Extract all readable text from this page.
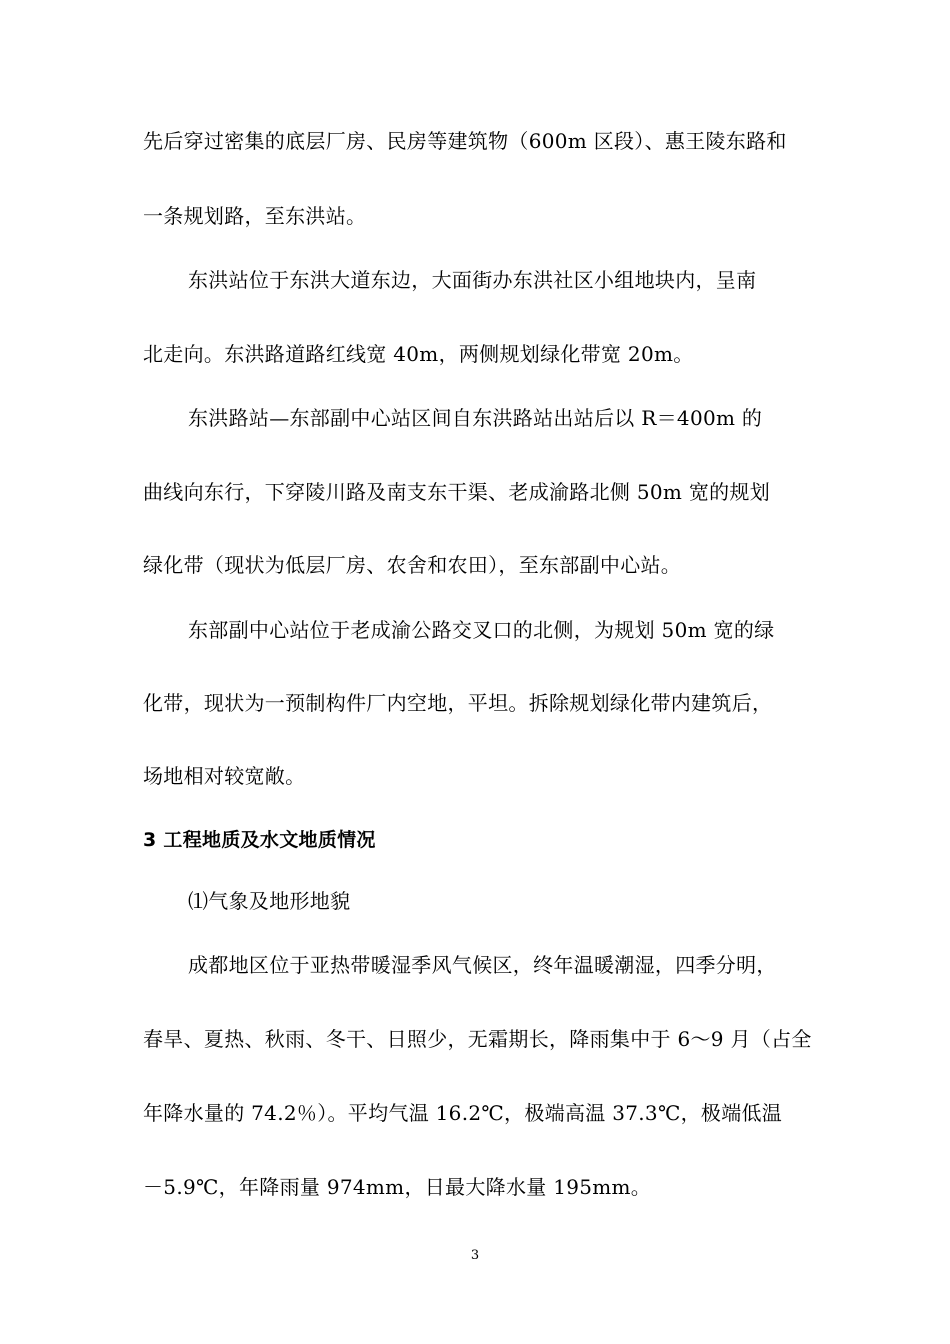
先后穿过密集的底层厂房、民房等建筑物（600m 区段）、惠王陵东路和
一条规划路，至东洪站。
东洪站位于东洪大道东边，大面街办东洪社区小组地块内，呈南
北走向。东洪路道路红线宽 40m，两侧规划绿化带宽 20m。
东洪路站—东部副中心站区间自东洪路站出站后以 R＝400m 的
曲线向东行，下穿陵川路及南支东干渠、老成渝路北侧 50m 宽的规划
绿化带（现状为低层厂房、农舍和农田），至东部副中心站。
东部副中心站位于老成渝公路交叉口的北侧，为规划 50m 宽的绿
化带，现状为一预制构件厂内空地，平坦。拆除规划绿化带内建筑后，
场地相对较宽敞。
3 工程地质及水文地质情况
⑴气象及地形地貌
成都地区位于亚热带暖湿季风气候区，终年温暖潮湿，四季分明，
春旱、夏热、秋雨、冬干、日照少，无霜期长，降雨集中于 6～9 月（占全
年降水量的 74.2％）。平均气温 16.2℃，极端高温 37.3℃，极端低温
－5.9℃，年降雨量 974mm，日最大降水量 195mm。
3
